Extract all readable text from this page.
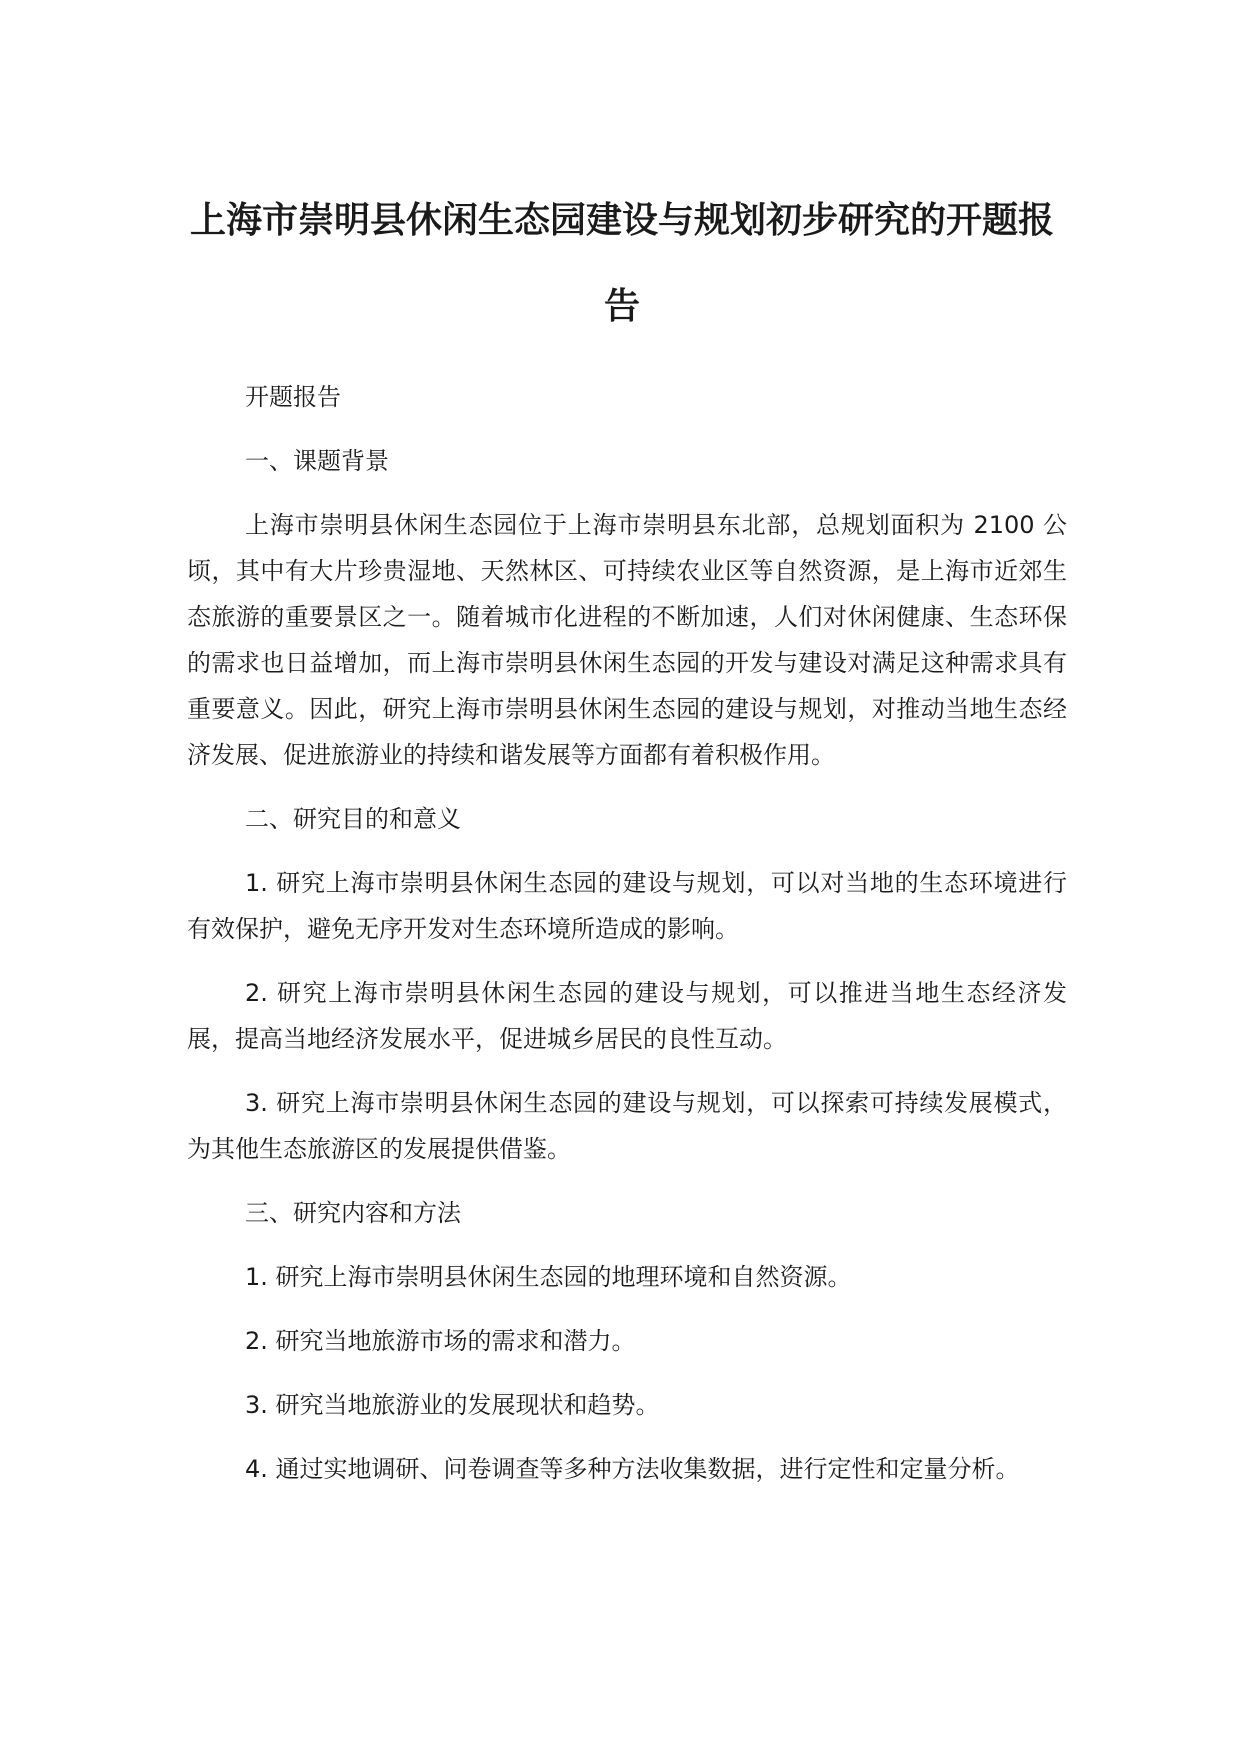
上海市崇明县休闲生态园建设与规划初步研究的开题报告

开题报告

一、课题背景

上海市崇明县休闲生态园位于上海市崇明县东北部，总规划面积为 2100 公顷，其中有大片珍贵湿地、天然林区、可持续农业区等自然资源，是上海市近郊生态旅游的重要景区之一。随着城市化进程的不断加速，人们对休闲健康、生态环保的需求也日益增加，而上海市崇明县休闲生态园的开发与建设对满足这种需求具有重要意义。因此，研究上海市崇明县休闲生态园的建设与规划，对推动当地生态经济发展、促进旅游业的持续和谐发展等方面都有着积极作用。

二、研究目的和意义

1. 研究上海市崇明县休闲生态园的建设与规划，可以对当地的生态环境进行有效保护，避免无序开发对生态环境所造成的影响。

2. 研究上海市崇明县休闲生态园的建设与规划，可以推进当地生态经济发展，提高当地经济发展水平，促进城乡居民的良性互动。

3. 研究上海市崇明县休闲生态园的建设与规划，可以探索可持续发展模式，为其他生态旅游区的发展提供借鉴。

三、研究内容和方法

1. 研究上海市崇明县休闲生态园的地理环境和自然资源。

2. 研究当地旅游市场的需求和潜力。

3. 研究当地旅游业的发展现状和趋势。

4. 通过实地调研、问卷调查等多种方法收集数据，进行定性和定量分析。
